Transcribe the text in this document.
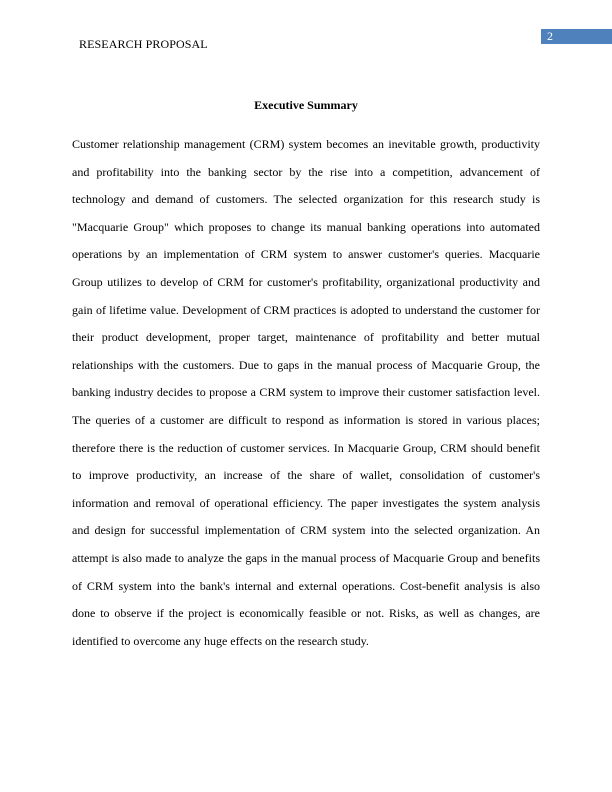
RESEARCH PROPOSAL
2
Executive Summary

Customer relationship management (CRM) system becomes an inevitable growth, productivity and profitability into the banking sector by the rise into a competition, advancement of technology and demand of customers. The selected organization for this research study is "Macquarie Group" which proposes to change its manual banking operations into automated operations by an implementation of CRM system to answer customer's queries. Macquarie Group utilizes to develop of CRM for customer's profitability, organizational productivity and gain of lifetime value. Development of CRM practices is adopted to understand the customer for their product development, proper target, maintenance of profitability and better mutual relationships with the customers. Due to gaps in the manual process of Macquarie Group, the banking industry decides to propose a CRM system to improve their customer satisfaction level. The queries of a customer are difficult to respond as information is stored in various places; therefore there is the reduction of customer services. In Macquarie Group, CRM should benefit to improve productivity, an increase of the share of wallet, consolidation of customer's information and removal of operational efficiency. The paper investigates the system analysis and design for successful implementation of CRM system into the selected organization. An attempt is also made to analyze the gaps in the manual process of Macquarie Group and benefits of CRM system into the bank's internal and external operations. Cost-benefit analysis is also done to observe if the project is economically feasible or not. Risks, as well as changes, are identified to overcome any huge effects on the research study.
